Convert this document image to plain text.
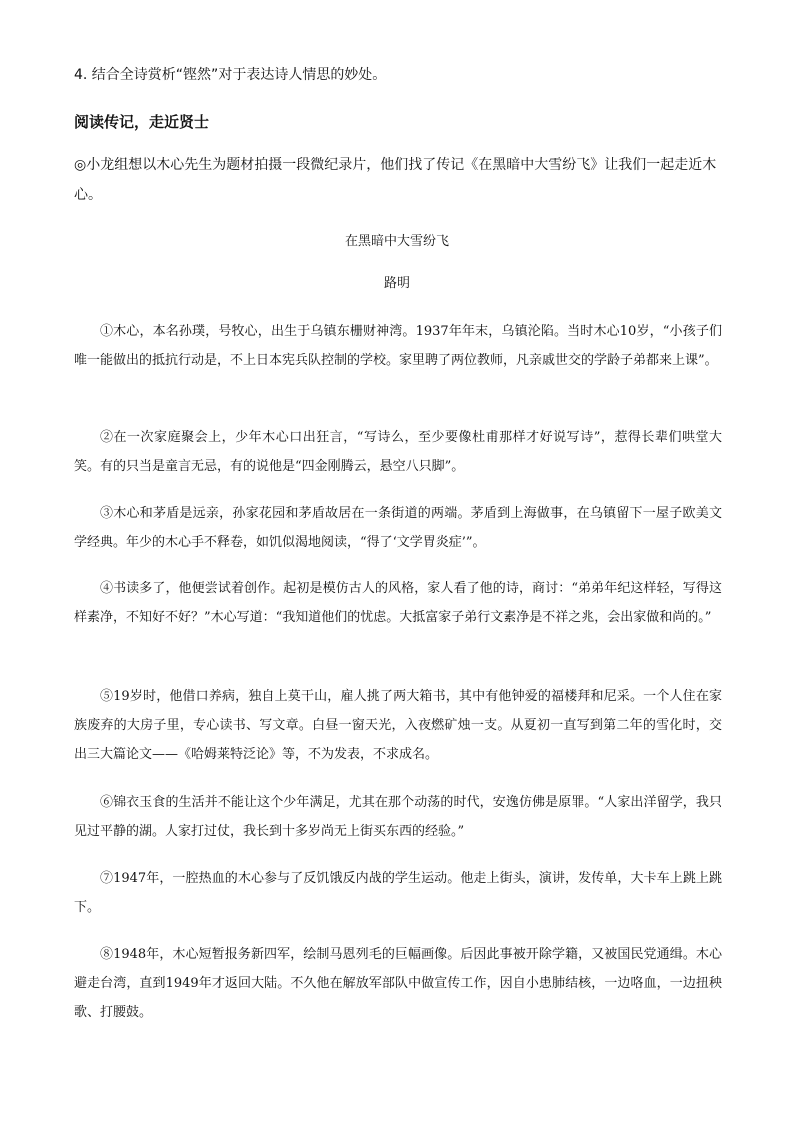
4. 结合全诗赏析“铿然”对于表达诗人情思的妙处。
阅读传记，走近贤士
◎小龙组想以木心先生为题材拍摄一段微纪录片，他们找了传记《在黑暗中大雪纷飞》让我们一起走近木心。
在黑暗中大雪纷飞
路明

①木心，本名孙璞，号牧心，出生于乌镇东栅财神湾。1937年年末，乌镇沦陷。当时木心10岁，“小孩子们唯一能做出的抵抗行动是，不上日本宪兵队控制的学校。家里聘了两位教师，凡亲戚世交的学龄子弟都来上课”。

②在一次家庭聚会上，少年木心口出狂言，“写诗么，至少要像杜甫那样才好说写诗”，惹得长辈们哄堂大笑。有的只当是童言无忌，有的说他是“四金刚腾云，悬空八只脚”。

③木心和茅盾是远亲，孙家花园和茅盾故居在一条街道的两端。茅盾到上海做事，在乌镇留下一屋子欧美文学经典。年少的木心手不释卷，如饥似渴地阅读，“得了‘文学胃炎症’”。

④书读多了，他便尝试着创作。起初是模仿古人的风格，家人看了他的诗，商讨：“弟弟年纪这样轻，写得这样素净，不知好不好？”木心写道：“我知道他们的忧虑。大抵富家子弟行文素净是不祥之兆，会出家做和尚的。”

⑤19岁时，他借口养病，独自上莫干山，雇人挑了两大箱书，其中有他钟爱的福楼拜和尼采。一个人住在家族废弃的大房子里，专心读书、写文章。白昼一窗天光，入夜燃矿烛一支。从夏初一直写到第二年的雪化时，交出三大篇论文——《哈姆莱特泛论》等，不为发表，不求成名。

⑥锦衣玉食的生活并不能让这个少年满足，尤其在那个动荡的时代，安逸仿佛是原罪。“人家出洋留学，我只见过平静的湖。人家打过仗，我长到十多岁尚无上街买东西的经验。”

⑦1947年，一腔热血的木心参与了反饥饿反内战的学生运动。他走上街头，演讲，发传单，大卡车上跳上跳下。

⑧1948年，木心短暂报务新四军，绘制马恩列毛的巨幅画像。后因此事被开除学籍，又被国民党通缉。木心避走台湾，直到1949年才返回大陆。不久他在解放军部队中做宣传工作，因自小患肺结核，一边咯血，一边扭秧歌、打腰鼓。
